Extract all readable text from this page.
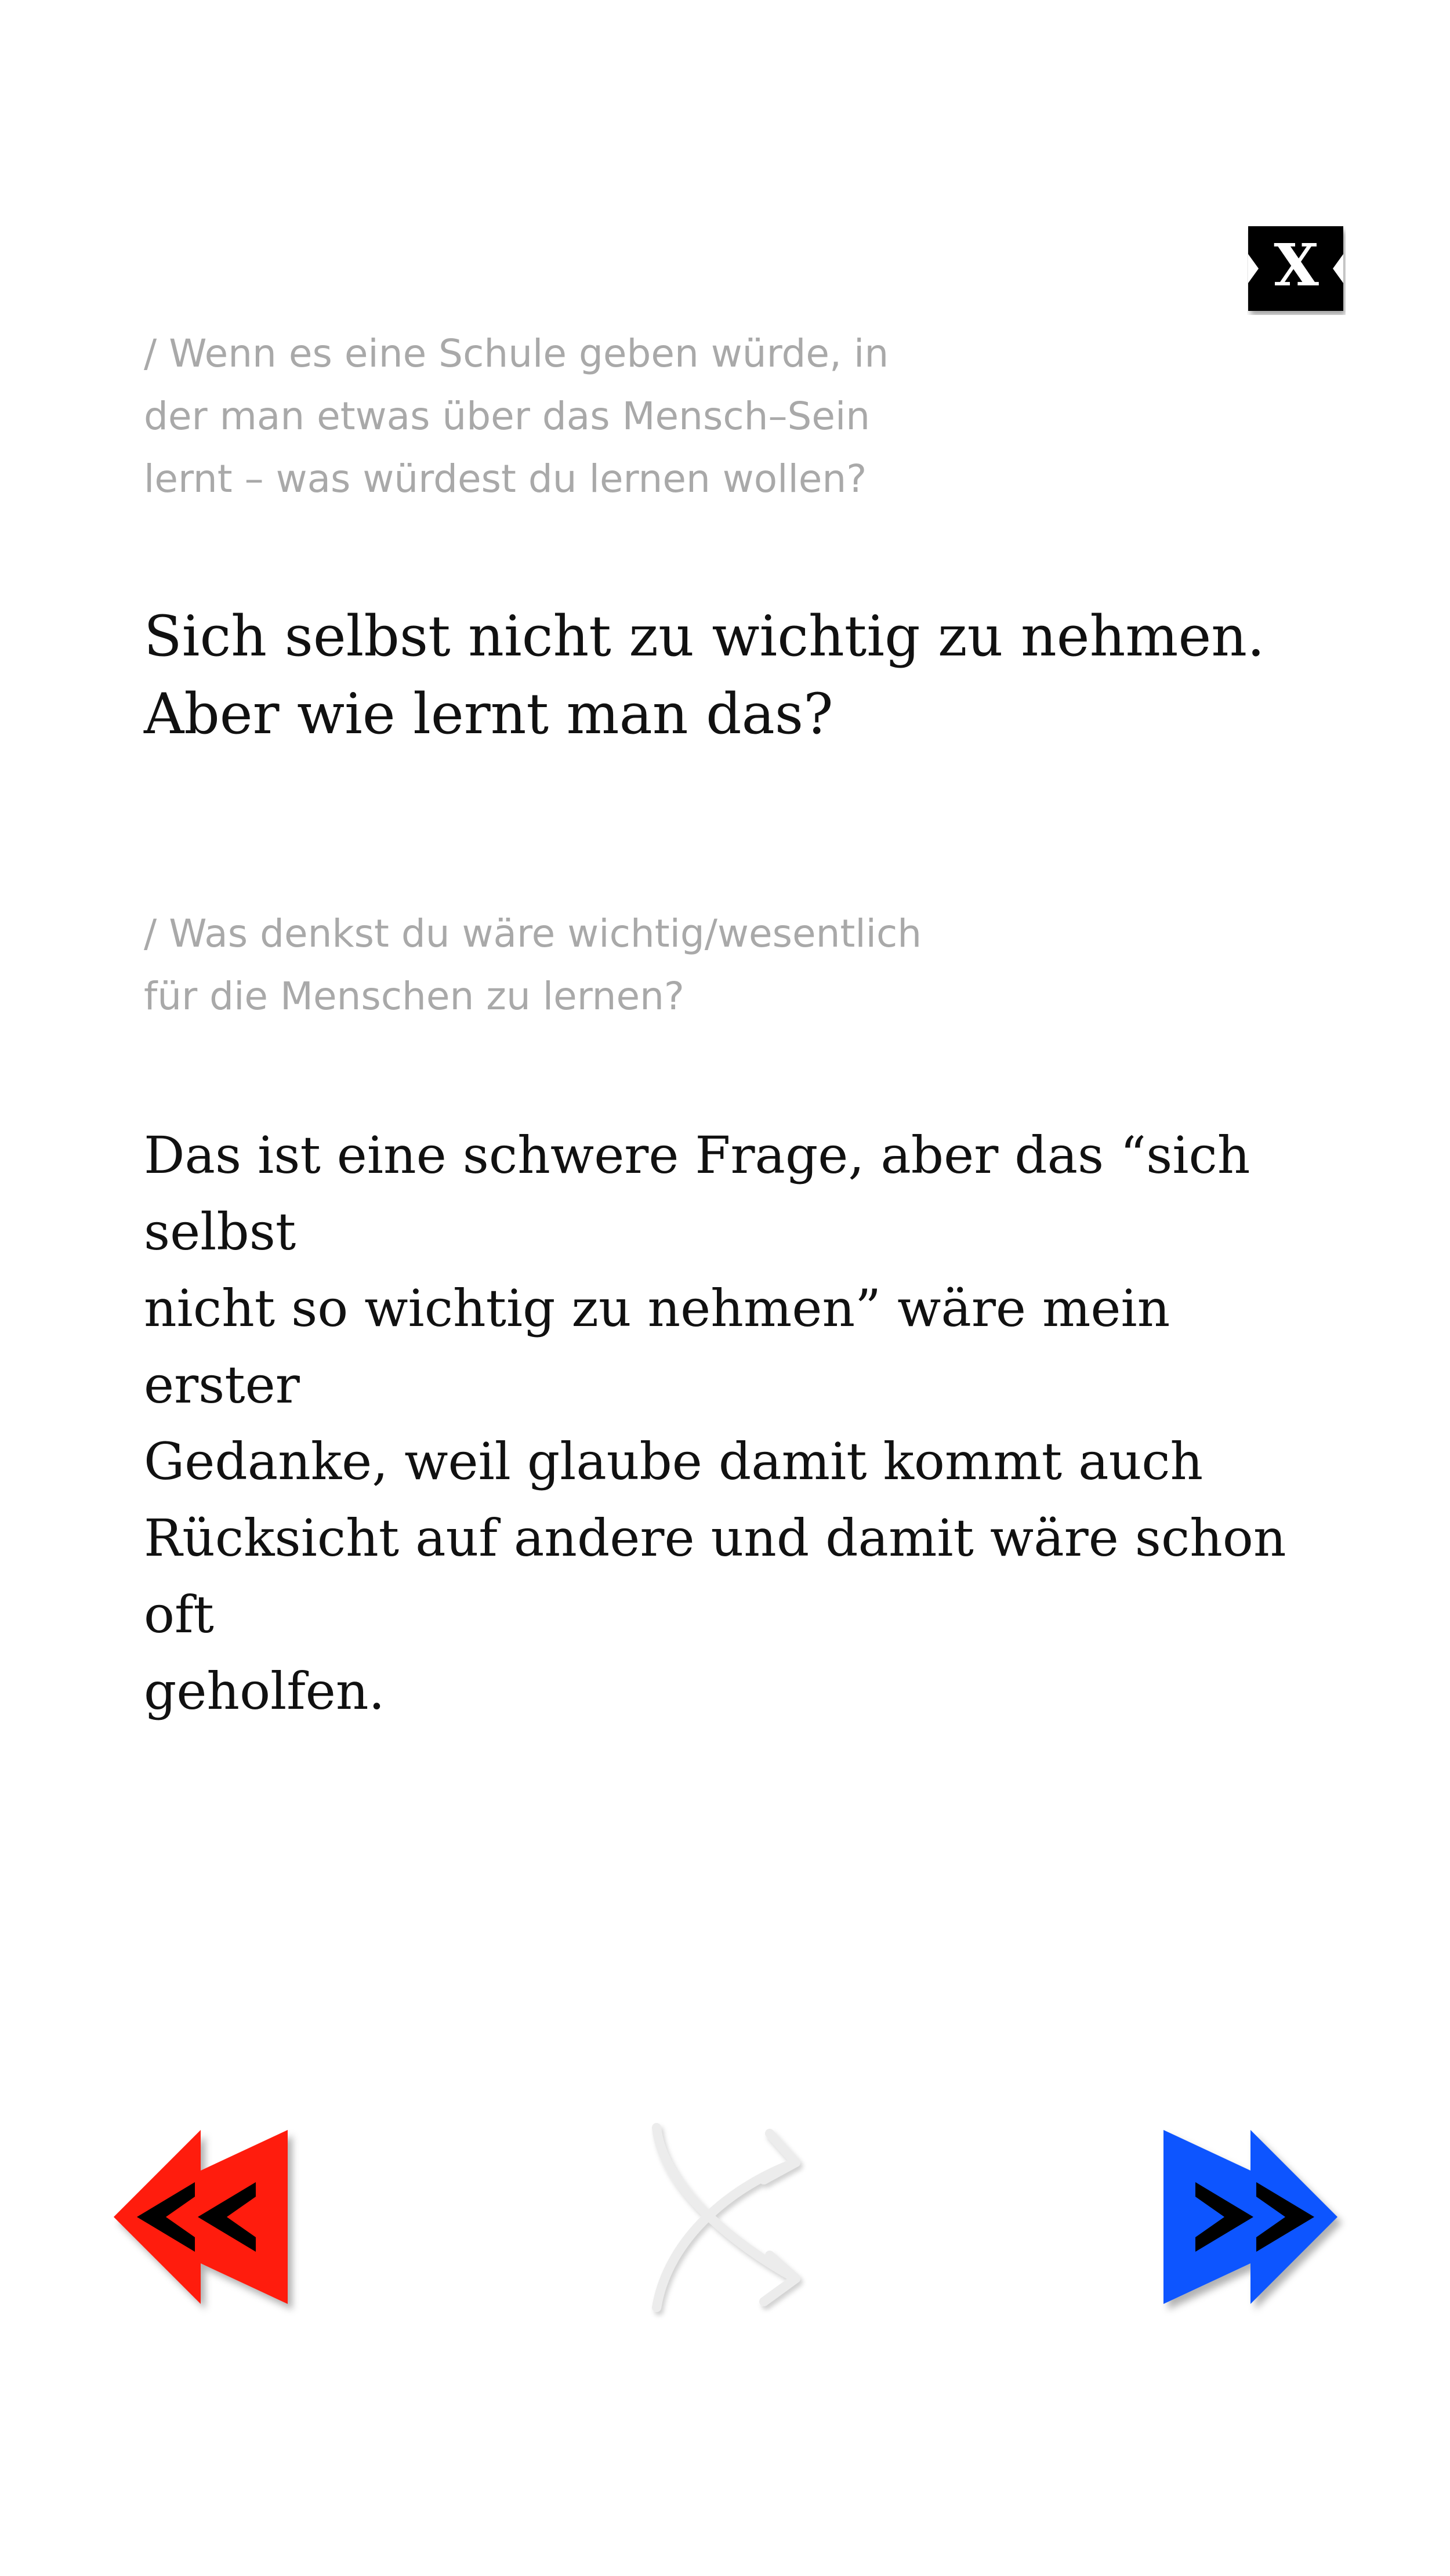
X

/ Wenn es eine Schule geben würde, in
der man etwas über das Mensch–Sein
lernt – was würdest du lernen wollen?

Sich selbst nicht zu wichtig zu nehmen.
Aber wie lernt man das?

/ Was denkst du wäre wichtig/wesentlich
für die Menschen zu lernen?

Das ist eine schwere Frage, aber das “sich selbst
nicht so wichtig zu nehmen” wäre mein erster
Gedanke, weil glaube damit kommt auch
Rücksicht auf andere und damit wäre schon oft
geholfen.
